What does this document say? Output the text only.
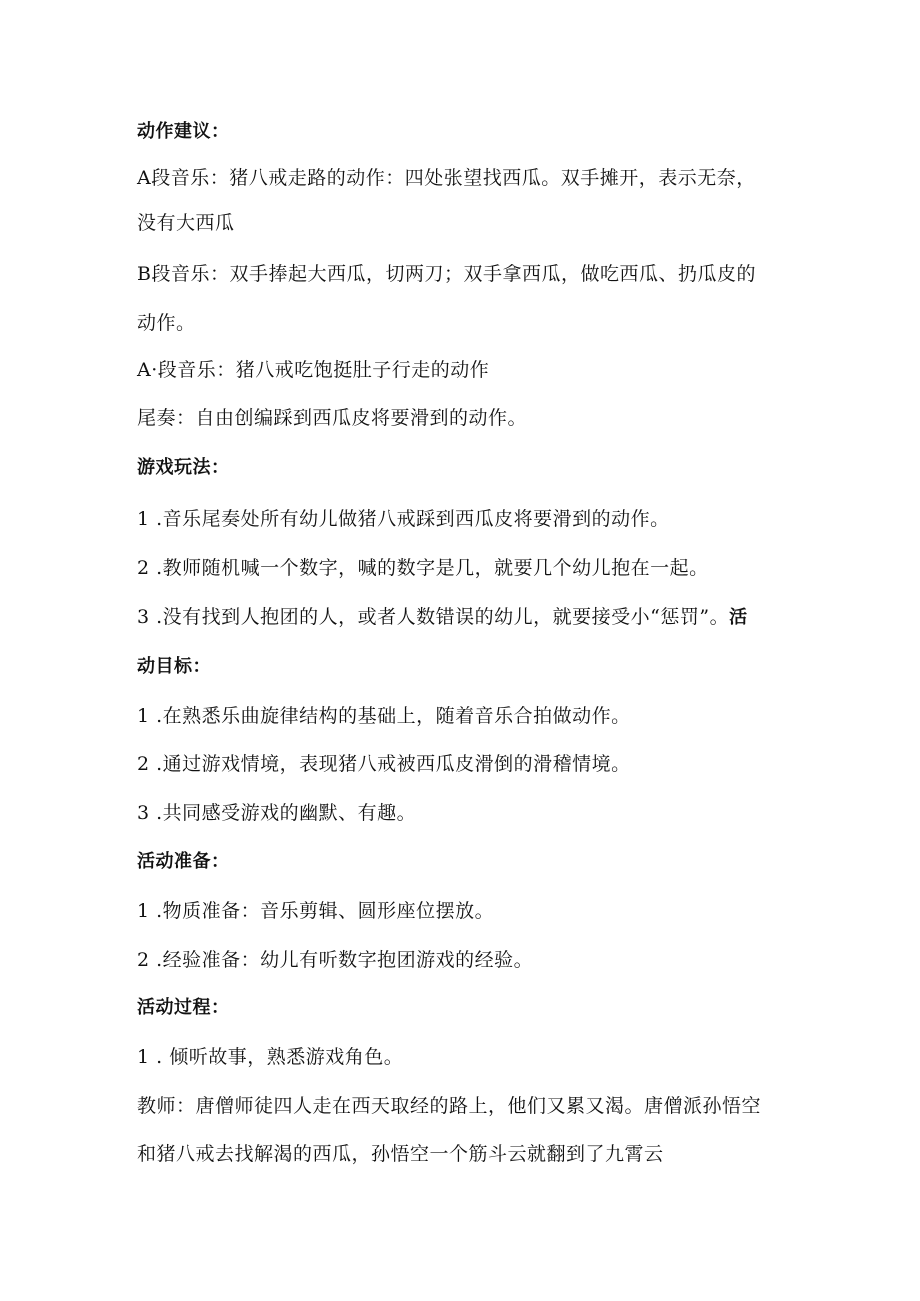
动作建议：
A段音乐：猪八戒走路的动作：四处张望找西瓜。双手摊开，表示无奈，
没有大西瓜
B段音乐：双手捧起大西瓜，切两刀；双手拿西瓜，做吃西瓜、扔瓜皮的
动作。
A·段音乐：猪八戒吃饱挺肚子行走的动作
尾奏：自由创编踩到西瓜皮将要滑到的动作。
游戏玩法：
1 .音乐尾奏处所有幼儿做猪八戒踩到西瓜皮将要滑到的动作。
2 .教师随机喊一个数字，喊的数字是几，就要几个幼儿抱在一起。
3 .没有找到人抱团的人，或者人数错误的幼儿，就要接受小“惩罚”。活
动目标：
1 .在熟悉乐曲旋律结构的基础上，随着音乐合拍做动作。
2 .通过游戏情境，表现猪八戒被西瓜皮滑倒的滑稽情境。
3 .共同感受游戏的幽默、有趣。
活动准备：
1 .物质准备：音乐剪辑、圆形座位摆放。
2 .经验准备：幼儿有听数字抱团游戏的经验。
活动过程：
1 . 倾听故事，熟悉游戏角色。
教师：唐僧师徒四人走在西天取经的路上，他们又累又渴。唐僧派孙悟空
和猪八戒去找解渴的西瓜，孙悟空一个筋斗云就翻到了九霄云
